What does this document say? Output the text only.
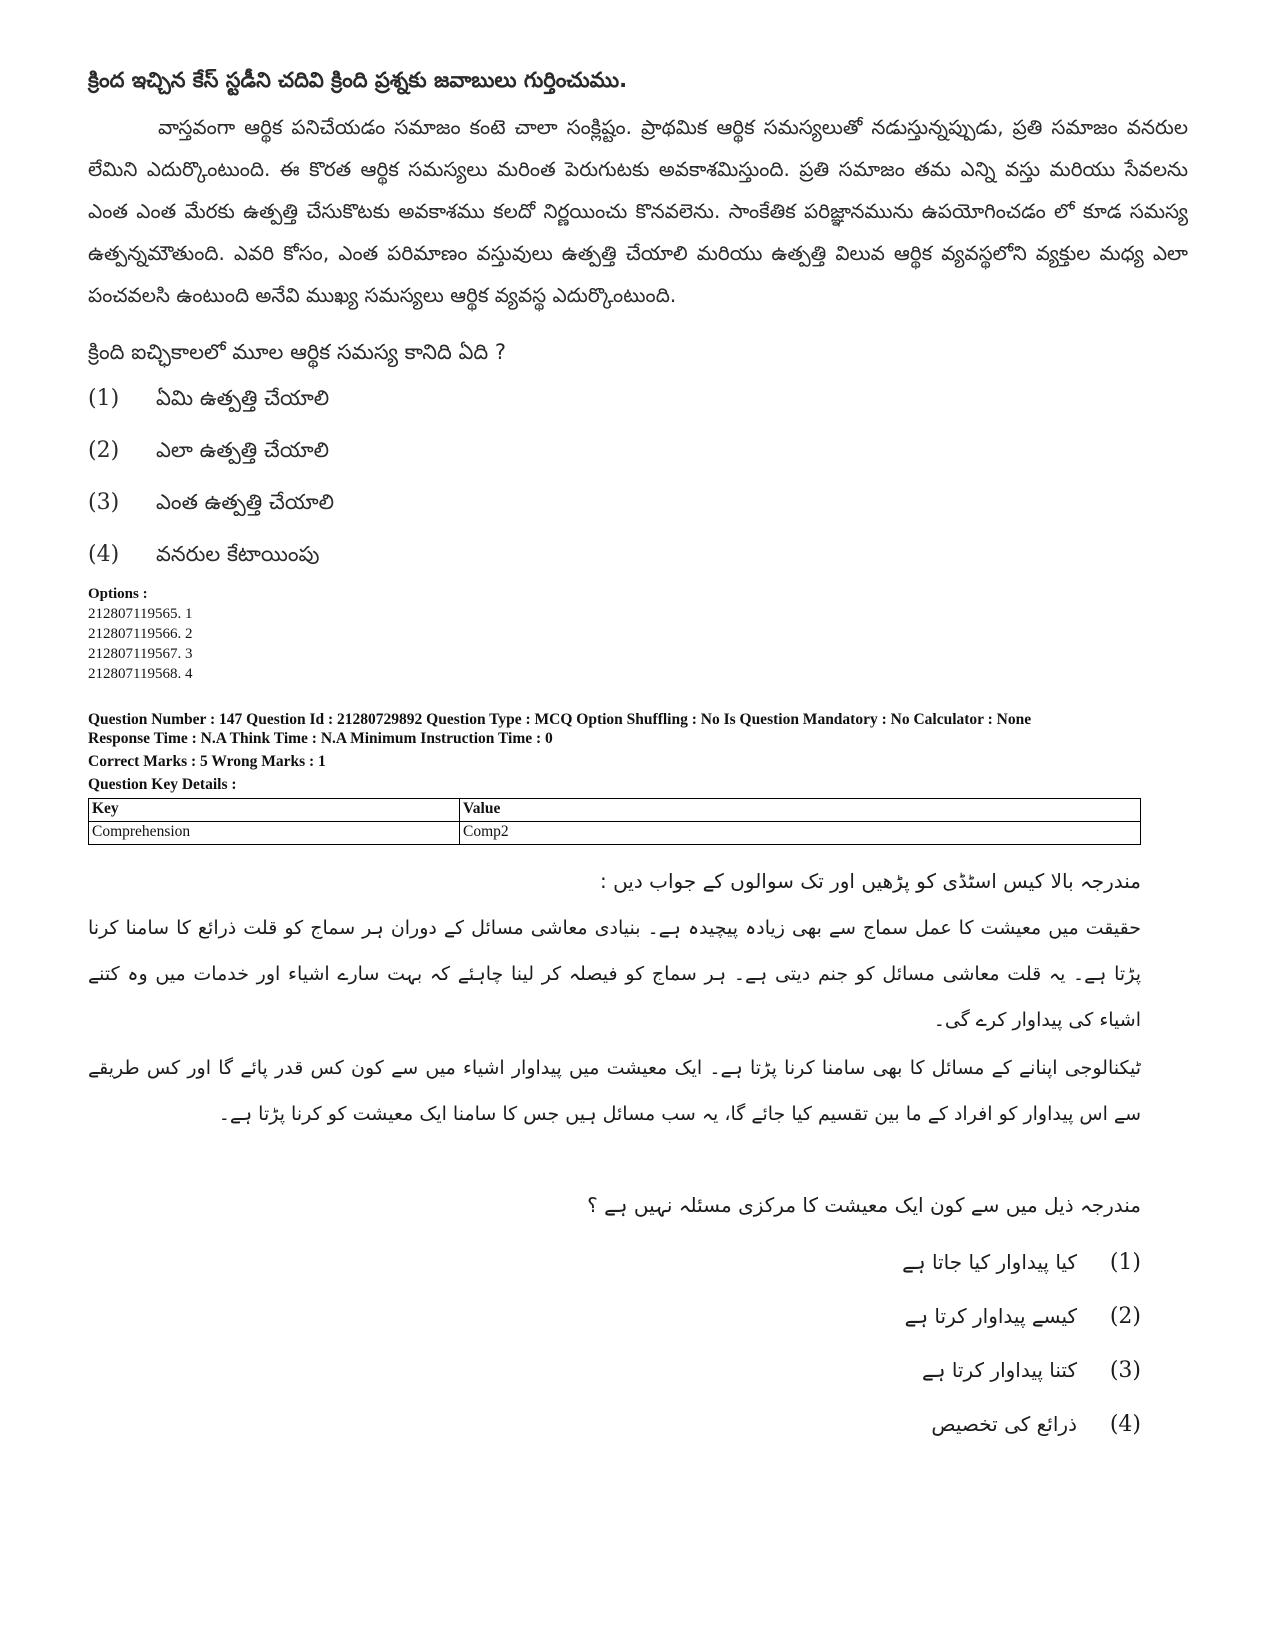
క్రింద ఇచ్చిన కేస్ స్టడీని చదివి క్రింది ప్రశ్నకు జవాబులు గుర్తించుము.
వాస్తవంగా ఆర్థిక పనిచేయడం సమాజం కంటె చాలా సంక్లిష్టం. ప్రాథమిక ఆర్థిక సమస్యలుతో నడుస్తున్నప్పుడు, ప్రతి సమాజం వనరుల లేమిని ఎదుర్కొంటుంది. ఈ కొరత ఆర్థిక సమస్యలు మరింత పెరుగుటకు అవకాశమిస్తుంది. ప్రతి సమాజం తమ ఎన్ని వస్తు మరియు సేవలను ఎంత ఎంత మేరకు ఉత్పత్తి చేసుకొటకు అవకాశము కలదో నిర్ణయించు కొనవలెను. సాంకేతిక పరిజ్ఞానమును ఉపయోగించడం లో కూడ సమస్య ఉత్పన్నమౌతుంది. ఎవరి కోసం, ఎంత పరిమాణం వస్తువులు ఉత్పత్తి చేయాలి మరియు ఉత్పత్తి విలువ ఆర్థిక వ్యవస్థలోని వ్యక్తుల మధ్య ఎలా పంచవలసి ఉంటుంది అనేవి ముఖ్య సమస్యలు ఆర్థిక వ్యవస్థ ఎదుర్కొంటుంది.
క్రింది ఐచ్ఛికాలలో మూల ఆర్థిక సమస్య కానిది ఏది ?
(1) ఏమి ఉత్పత్తి చేయాలి
(2) ఎలా ఉత్పత్తి చేయాలి
(3) ఎంత ఉత్పత్తి చేయాలి
(4) వనరుల కేటాయింపు
Options :
212807119565. 1
212807119566. 2
212807119567. 3
212807119568. 4
Question Number : 147 Question Id : 21280729892 Question Type : MCQ Option Shuffling : No Is Question Mandatory : No Calculator : None
Response Time : N.A Think Time : N.A Minimum Instruction Time : 0
Correct Marks : 5 Wrong Marks : 1
Question Key Details :
Key	Value
Comprehension	Comp2
مندرجہ بالا کیس اسٹڈی کو پڑھیں اور تک سوالوں کے جواب دیں :
حقیقت میں معیشت کا عمل سماج سے بھی زیادہ پیچیدہ ہے۔ بنیادی معاشی مسائل کے دوران ہر سماج کو قلت ذرائع کا سامنا کرنا پڑتا ہے۔ یہ قلت معاشی مسائل کو جنم دیتی ہے۔ ہر سماج کو فیصلہ کر لینا چاہئے کہ بہت سارے اشیاء اور خدمات میں وہ کتنے اشیاء کی پیداوار کرے گی۔
ٹیکنالوجی اپنانے کے مسائل کا بھی سامنا کرنا پڑتا ہے۔ ایک معیشت میں پیداوار اشیاء میں سے کون کس قدر پائے گا اور کس طریقے سے اس پیداوار کو افراد کے ما بین تقسیم کیا جائے گا، یہ سب مسائل ہیں جس کا سامنا ایک معیشت کو کرنا پڑتا ہے۔
مندرجہ ذیل میں سے کون ایک معیشت کا مرکزی مسئلہ نہیں ہے ؟
(1)کیا پیداوار کیا جاتا ہے
(2)کیسے پیداوار کرتا ہے
(3)کتنا پیداوار کرتا ہے
(4)ذرائع کی تخصیص
